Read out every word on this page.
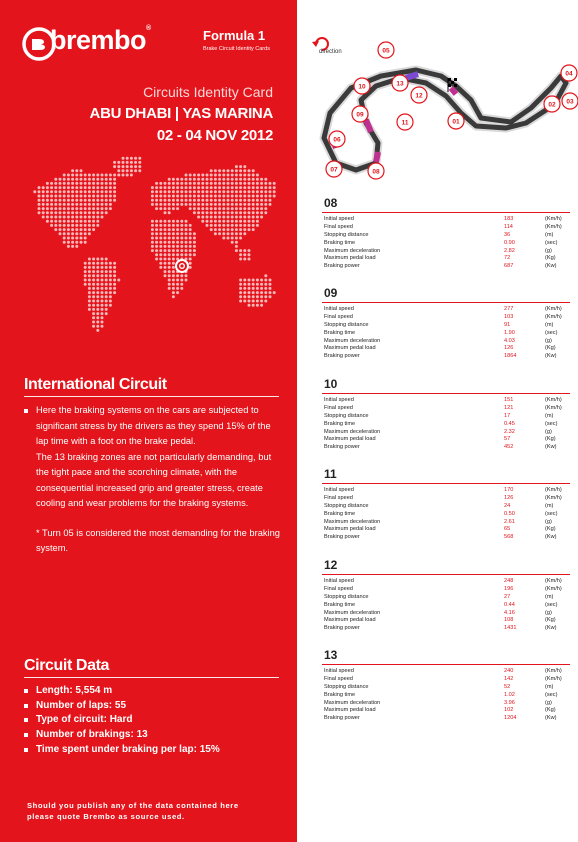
brembo®	Formula 1
Brake Circuit Identity Cards
Circuits Identity Card
ABU DHABI | YAS MARINA
02 - 04 NOV 2012
International Circuit

Here the braking systems on the cars are subjected to significant stress by the drivers as they spend 15% of the lap time with a foot on the brake pedal.

The 13 braking zones are not particularly demanding, but the tight pace and the scorching climate, with the consequential increased grip and greater stress, create cooling and wear problems for the braking systems.

* Turn 05 is considered the most demanding for the braking system.

Circuit Data
Length: 5,554 m
Number of laps: 55
Type of circuit: Hard
Number of brakings: 13
Time spent under braking per lap: 15%
Should you publish any of the data contained here
please quote Brembo as source used.
direction
01
02 03
04
05
06
07	08
09
10
11
12
13
08
Initial speed	183	(Km/h)
Final speed	114	(Km/h)
Stopping distance	36	(m)
Braking time	0.90	(sec)
Maximum deceleration	2.82	(g)
Maximum pedal load	72	(Kg)
Braking power	687	(Kw)
09
Initial speed	277	(Km/h)
Final speed	103	(Km/h)
Stopping distance	91	(m)
Braking time	1.90	(sec)
Maximum deceleration	4.03	(g)
Maximum pedal load	126	(Kg)
Braking power	1864	(Kw)
10
Initial speed	151	(Km/h)
Final speed	121	(Km/h)
Stopping distance	17	(m)
Braking time	0.45	(sec)
Maximum deceleration	2.32	(g)
Maximum pedal load	57	(Kg)
Braking power	452	(Kw)
11
Initial speed	170	(Km/h)
Final speed	126	(Km/h)
Stopping distance	24	(m)
Braking time	0.50	(sec)
Maximum deceleration	2.61	(g)
Maximum pedal load	65	(Kg)
Braking power	568	(Kw)
12
Initial speed	248	(Km/h)
Final speed	196	(Km/h)
Stopping distance	27	(m)
Braking time	0.44	(sec)
Maximum deceleration	4.16	(g)
Maximum pedal load	108	(Kg)
Braking power	1431	(Kw)
13
Initial speed	240	(Km/h)
Final speed	142	(Km/h)
Stopping distance	52	(m)
Braking time	1.02	(sec)
Maximum deceleration	3.96	(g)
Maximum pedal load	102	(Kg)
Braking power	1204	(Kw)
